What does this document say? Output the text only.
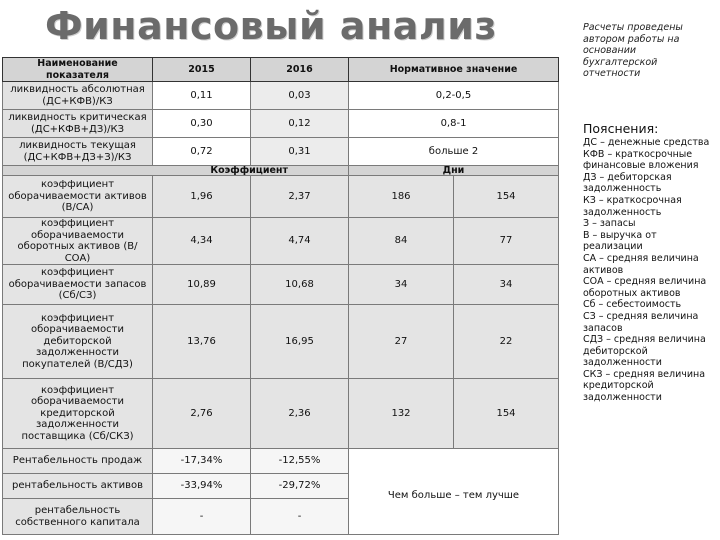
Финансовый анализ
Наименование показателя	2015	2016	Нормативное значение	
ликвидность абсолютная (ДС+КФВ)/КЗ	0,11	0,03	0,2-0,5	
ликвидность критическая (ДС+КФВ+ДЗ)/КЗ	0,30	0,12	0,8-1	
ликвидность текущая (ДС+КФВ+ДЗ+З)/КЗ	0,72	0,31	больше 2	
Коэффициент			Дни	
коэффициент оборачиваемости активов (В/СА)	1,96	2,37	186	154
коэффициент оборачиваемости оборотных активов (В/СОА)	4,34	4,74	84	77
коэффициент оборачиваемости запасов (Сб/СЗ)	10,89	10,68	34	34
коэффициент оборачиваемости дебиторской задолженности покупателей (В/СДЗ)	13,76	16,95	27	22
коэффициент оборачиваемости кредиторской задолженности поставщика (Сб/СКЗ)	2,76	2,36	132	154
Рентабельность продаж	-17,34%	-12,55%	Чем больше – тем лучше	
рентабельность активов	-33,94%	-29,72%		
рентабельность собственного капитала	-	-		
Расчеты проведены автором работы на основании бухгалтерской отчетности
Пояснения:
ДС – денежные средства
КФВ – краткосрочные финансовые вложения
ДЗ – дебиторская задолженность
КЗ – краткосрочная задолженность
З – запасы
В – выручка от реализации
СА – средняя величина активов
СОА – средняя величина оборотных активов
Сб – себестоимость
СЗ – средняя величина запасов
СДЗ – средняя величина дебиторской задолженности
СКЗ – средняя величина кредиторской задолженности
